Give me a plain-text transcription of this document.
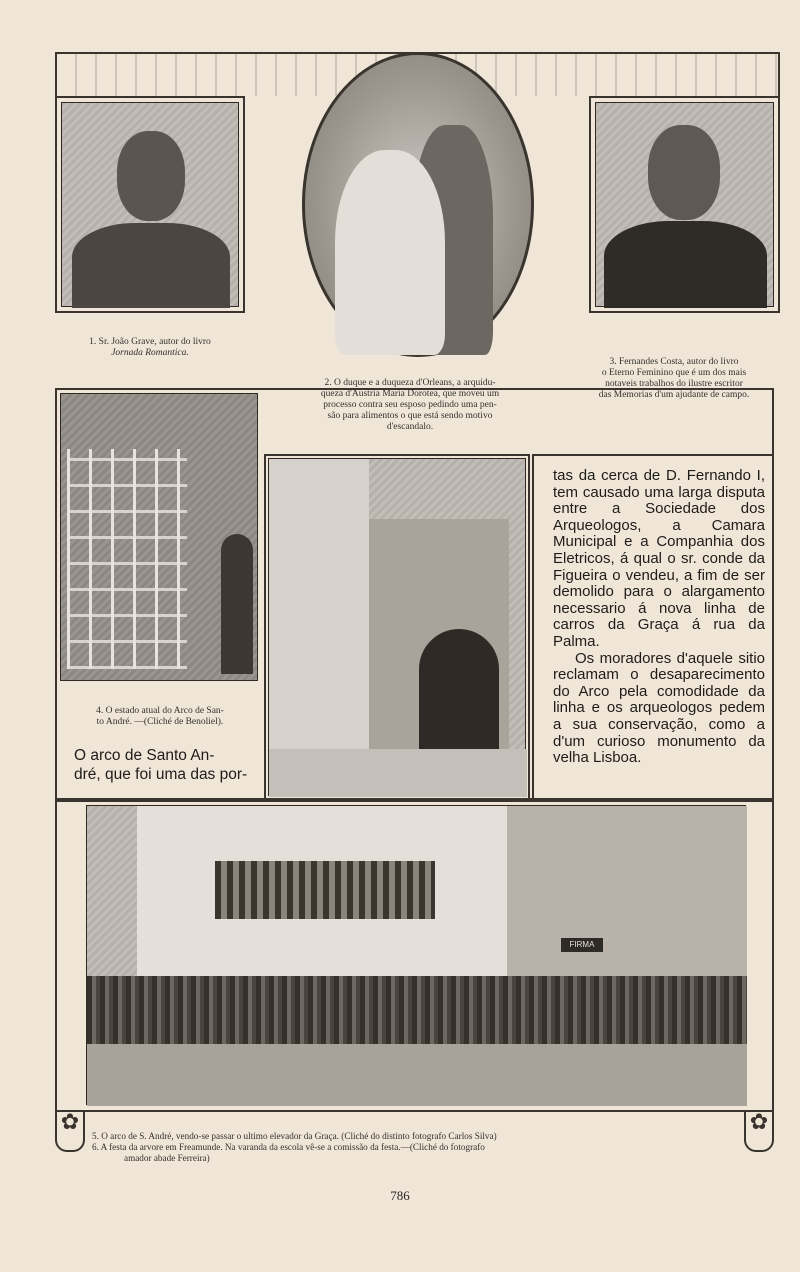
1. Sr. João Grave, autor do livro
Jornada Romantica.
2. O duque e a duqueza d'Orleans, a arquidu-
queza d'Austria Maria Dorotea, que moveu um
processo contra seu esposo pedindo uma pen-
são para alimentos o que está sendo motivo
d'escandalo.
3. Fernandes Costa, autor do livro
o Eterno Feminino que é um dos mais
notaveis trabalhos do ilustre escritor
das Memorias d'um ajudante de campo.
4. O estado atual do Arco de San-
to André. —(Cliché de Benoliel).
O arco de Santo An-
dré, que foi uma das por-

tas da cerca de D. Fernando I, tem causado uma larga disputa entre a Sociedade dos Arqueologos, a Camara Municipal e a Companhia dos Eletricos, á qual o sr. conde da Figueira o vendeu, a fim de ser demolido para o alargamento necessario á nova linha de carros da Graça á rua da Palma.

Os moradores d'aquele sitio reclamam o desaparecimento do Arco pela comodidade da linha e os arqueologos pedem a sua conservação, como a d'um curioso monumento da velha Lisboa.

FIRMA
✿	✿
5. O arco de S. André, vendo-se passar o ultimo elevador da Graça. (Cliché do distinto fotografo Carlos Silva)
6. A festa da arvore em Freamunde. Na varanda da escola vê-se a comissão da festa.—(Cliché do fotografo
amador abade Ferreira)
786
